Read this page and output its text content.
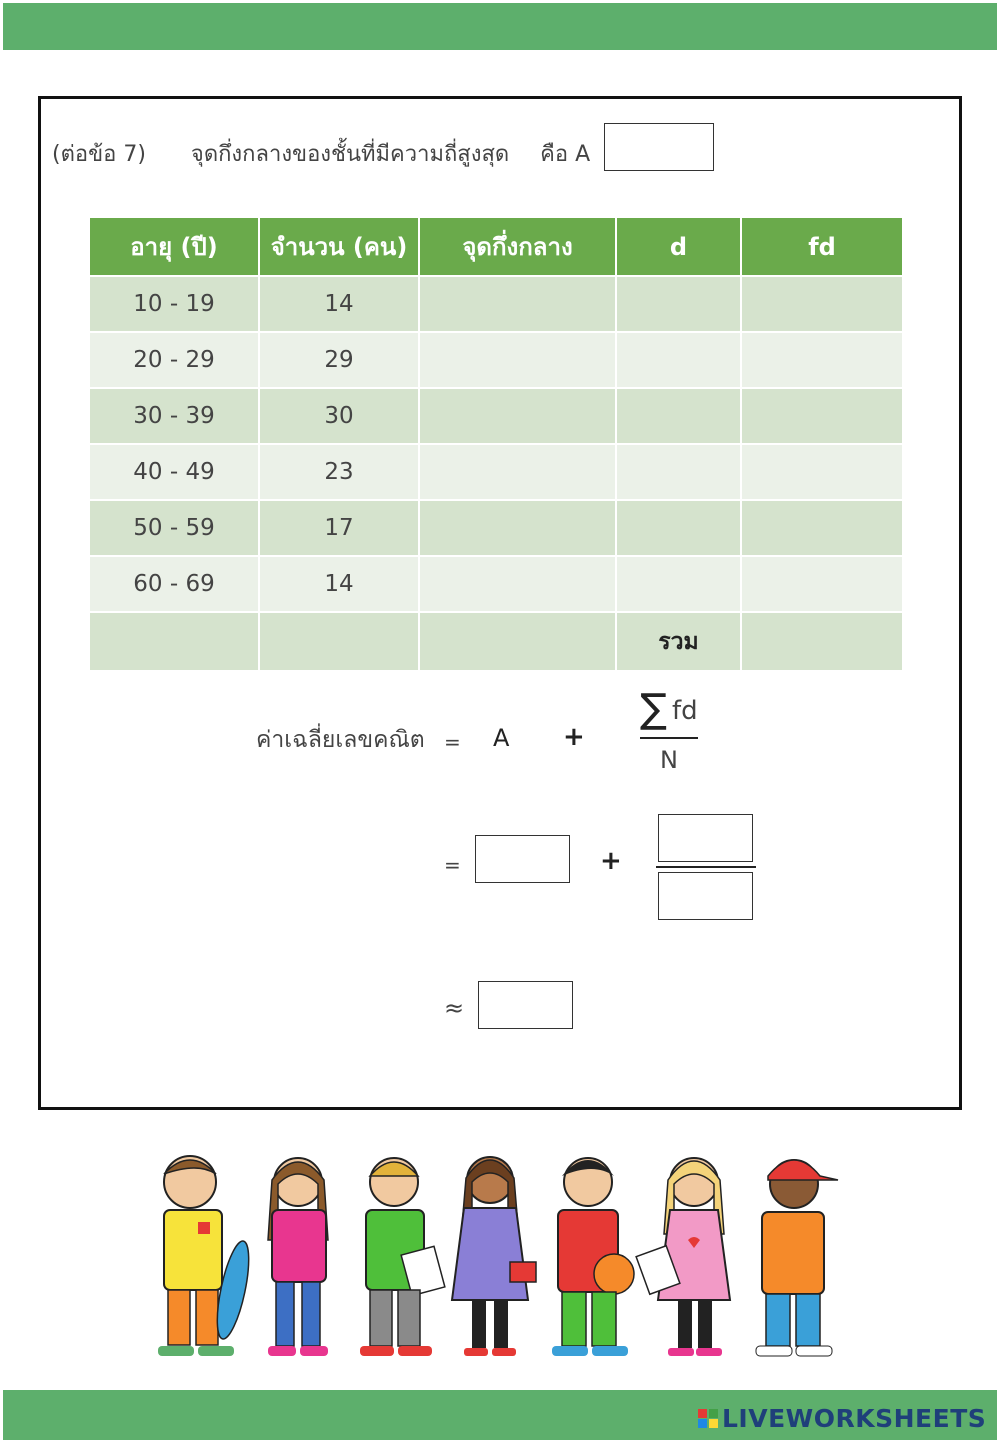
(ต่อข้อ 7) จุดกึ่งกลางของชั้นที่มีความถี่สูงสุด คือ A
อายุ (ปี)	จำนวน (คน)	จุดกึ่งกลาง	d	fd
10 - 19	14			
20 - 29	29			
30 - 39	30			
40 - 49	23			
50 - 59	17			
60 - 69	14			
			รวม	
ค่าเฉลี่ยเลขคณิต = A +
∑ fd
N
=	+
≈
LIVEWORKSHEETS
